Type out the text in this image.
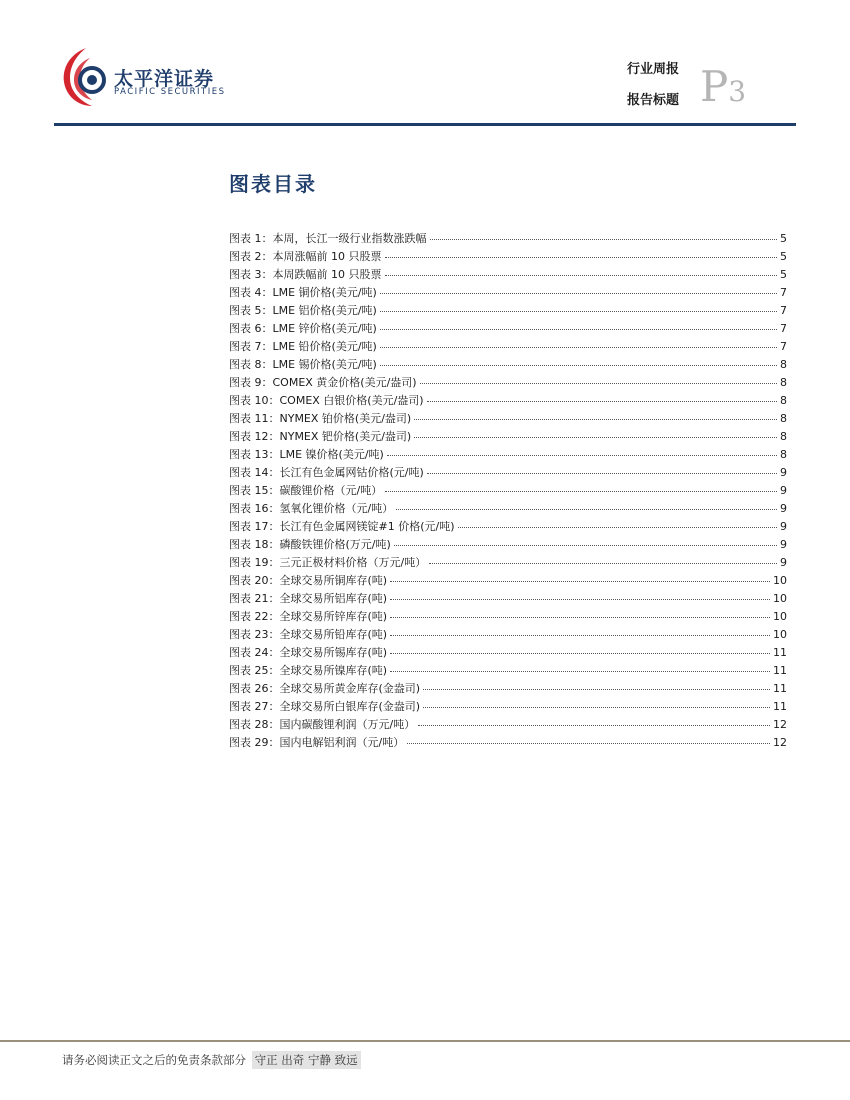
太平洋证券
PACIFIC SECURITIES
行业周报
报告标题 P3
图表目录
图表 1：本周，长江一级行业指数涨跌幅	5
图表 2：本周涨幅前 10 只股票	5
图表 3：本周跌幅前 10 只股票	5
图表 4：LME 铜价格(美元/吨)	7
图表 5：LME 铝价格(美元/吨)	7
图表 6：LME 锌价格(美元/吨)	7
图表 7：LME 铅价格(美元/吨)	7
图表 8：LME 锡价格(美元/吨)	8
图表 9：COMEX 黄金价格(美元/盎司)	8
图表 10：COMEX 白银价格(美元/盎司)	8
图表 11：NYMEX 铂价格(美元/盎司)	8
图表 12：NYMEX 钯价格(美元/盎司)	8
图表 13：LME 镍价格(美元/吨)	8
图表 14：长江有色金属网钴价格(元/吨)	9
图表 15：碳酸锂价格（元/吨）	9
图表 16：氢氧化锂价格（元/吨）	9
图表 17：长江有色金属网镁锭#1 价格(元/吨)	9
图表 18：磷酸铁锂价格(万元/吨)	9
图表 19：三元正极材料价格（万元/吨）	9
图表 20：全球交易所铜库存(吨)	10
图表 21：全球交易所铝库存(吨)	10
图表 22：全球交易所锌库存(吨)	10
图表 23：全球交易所铅库存(吨)	10
图表 24：全球交易所锡库存(吨)	11
图表 25：全球交易所镍库存(吨)	11
图表 26：全球交易所黄金库存(金盎司)	11
图表 27：全球交易所白银库存(金盎司)	11
图表 28：国内碳酸锂利润（万元/吨）	12
图表 29：国内电解铝利润（元/吨）	12
请务必阅读正文之后的免责条款部分 守正 出奇 宁静 致远
